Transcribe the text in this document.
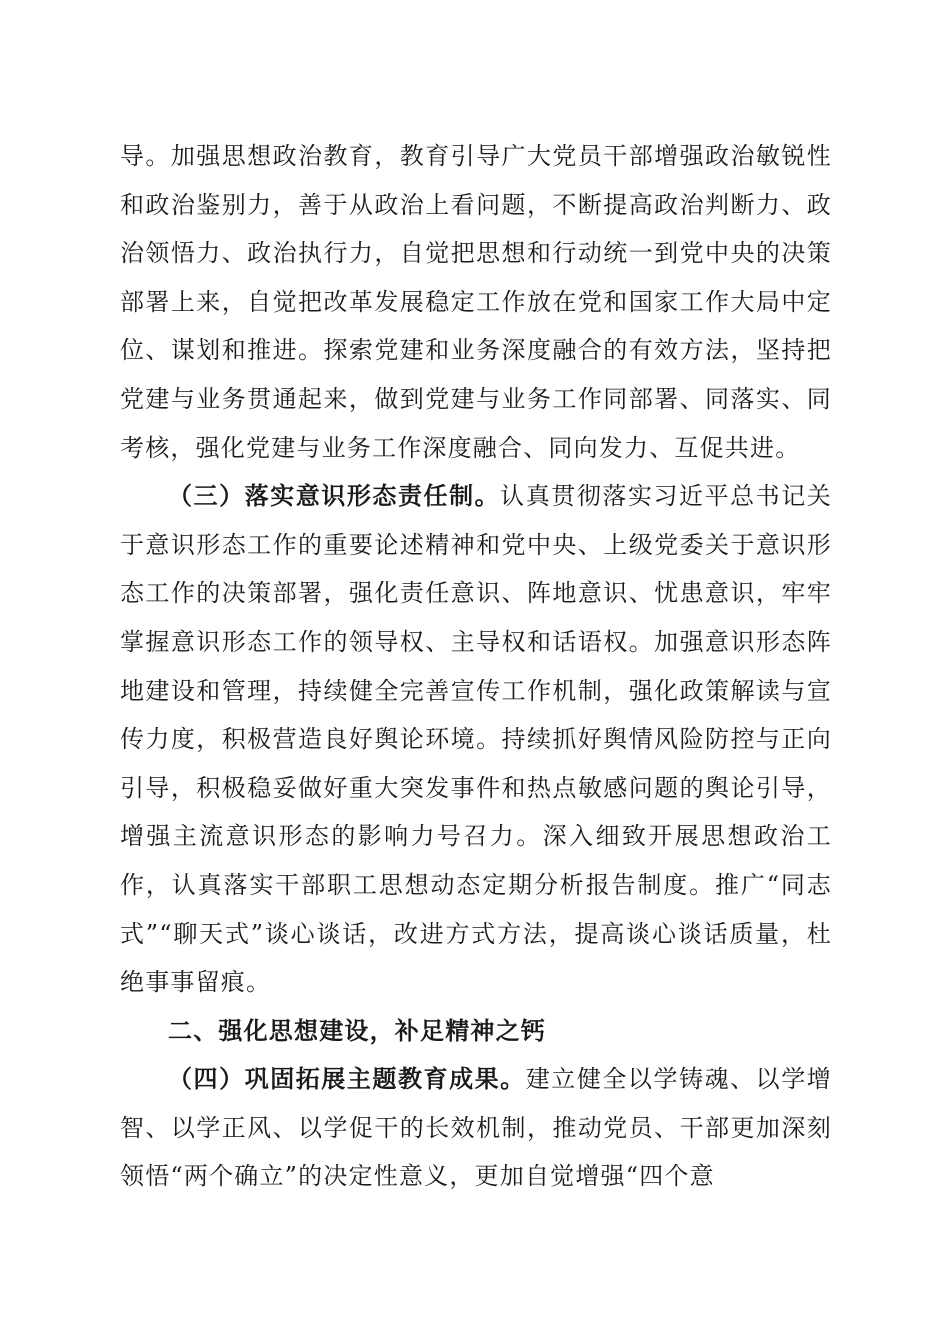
导。加强思想政治教育，教育引导广大党员干部增强政治敏锐性和政治鉴别力，善于从政治上看问题，不断提高政治判断力、政治领悟力、政治执行力，自觉把思想和行动统一到党中央的决策部署上来，自觉把改革发展稳定工作放在党和国家工作大局中定位、谋划和推进。探索党建和业务深度融合的有效方法，坚持把党建与业务贯通起来，做到党建与业务工作同部署、同落实、同考核，强化党建与业务工作深度融合、同向发力、互促共进。

（三）落实意识形态责任制。认真贯彻落实习近平总书记关于意识形态工作的重要论述精神和党中央、上级党委关于意识形态工作的决策部署，强化责任意识、阵地意识、忧患意识，牢牢掌握意识形态工作的领导权、主导权和话语权。加强意识形态阵地建设和管理，持续健全完善宣传工作机制，强化政策解读与宣传力度，积极营造良好舆论环境。持续抓好舆情风险防控与正向引导，积极稳妥做好重大突发事件和热点敏感问题的舆论引导，增强主流意识形态的影响力号召力。深入细致开展思想政治工作，认真落实干部职工思想动态定期分析报告制度。推广“同志式”“聊天式”谈心谈话，改进方式方法，提高谈心谈话质量，杜绝事事留痕。

二、强化思想建设，补足精神之钙

（四）巩固拓展主题教育成果。建立健全以学铸魂、以学增智、以学正风、以学促干的长效机制，推动党员、干部更加深刻领悟“两个确立”的决定性意义，更加自觉增强“四个意
